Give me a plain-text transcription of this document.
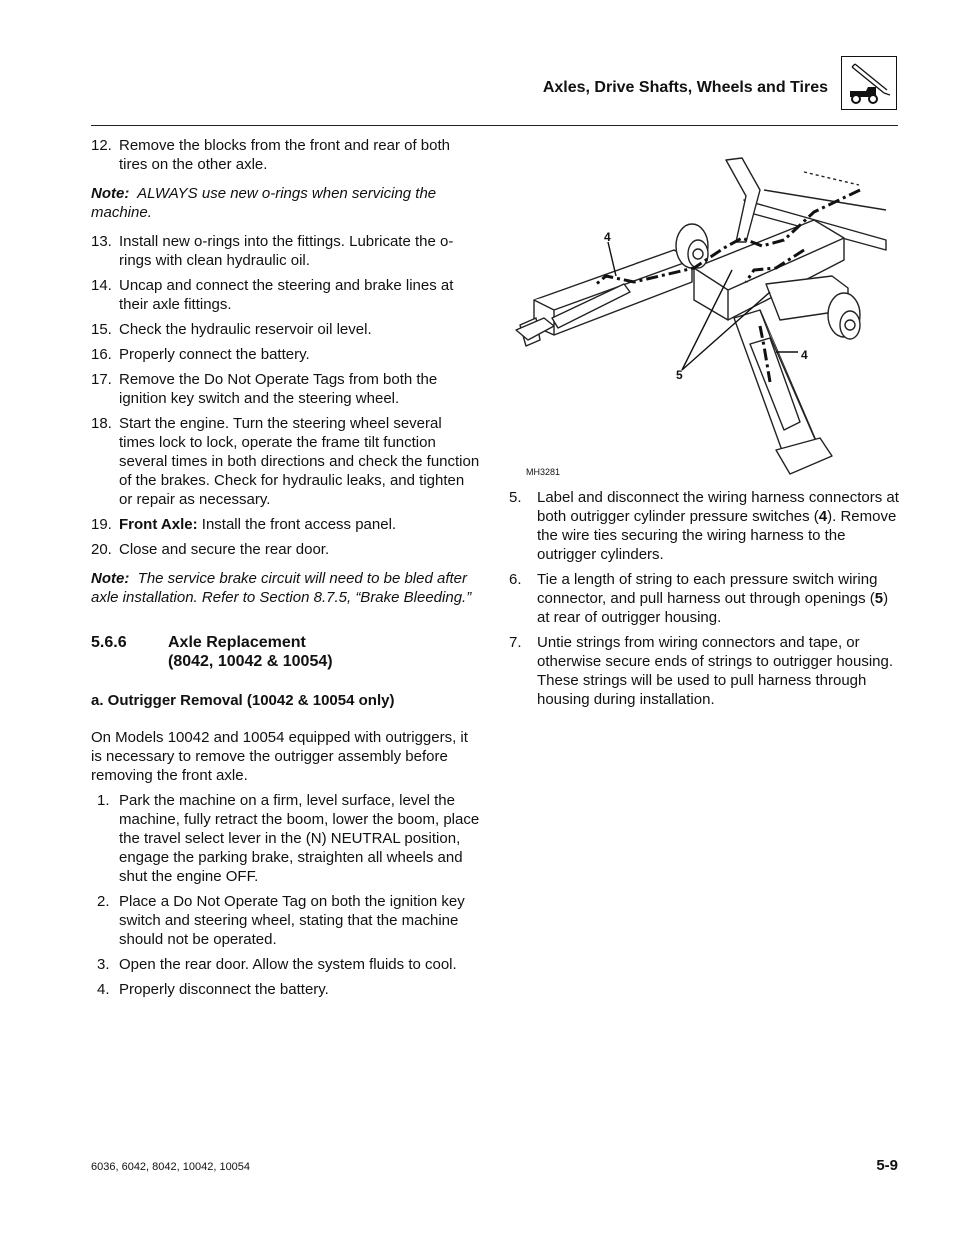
Axles, Drive Shafts, Wheels and Tires
12. Remove the blocks from the front and rear of both tires on the other axle.
Note: ALWAYS use new o-rings when servicing the machine.
13. Install new o-rings into the fittings. Lubricate the o-rings with clean hydraulic oil.
14. Uncap and connect the steering and brake lines at their axle fittings.
15. Check the hydraulic reservoir oil level.
16. Properly connect the battery.
17. Remove the Do Not Operate Tags from both the ignition key switch and the steering wheel.
18. Start the engine. Turn the steering wheel several times lock to lock, operate the frame tilt function several times in both directions and check the function of the brakes. Check for hydraulic leaks, and tighten or repair as necessary.
19. Front Axle: Install the front access panel.
20. Close and secure the rear door.
Note: The service brake circuit will need to be bled after axle installation. Refer to Section 8.7.5, “Brake Bleeding.”
5.6.6	Axle Replacement
(8042, 10042 & 10054)
a. Outrigger Removal (10042 & 10054 only)
On Models 10042 and 10054 equipped with outriggers, it is necessary to remove the outrigger assembly before removing the front axle.
1. Park the machine on a firm, level surface, level the machine, fully retract the boom, lower the boom, place the travel select lever in the (N) NEUTRAL position, engage the parking brake, straighten all wheels and shut the engine OFF.
2. Place a Do Not Operate Tag on both the ignition key switch and steering wheel, stating that the machine should not be operated.
3. Open the rear door. Allow the system fluids to cool.
4. Properly disconnect the battery.
4
4
5
MH3281
5.	Label and disconnect the wiring harness connectors at both outrigger cylinder pressure switches (4). Remove the wire ties securing the wiring harness to the outrigger cylinders.
6.	Tie a length of string to each pressure switch wiring connector, and pull harness out through openings (5) at rear of outrigger housing.
7.	Untie strings from wiring connectors and tape, or otherwise secure ends of strings to outrigger housing. These strings will be used to pull harness through housing during installation.
6036, 6042, 8042, 10042, 10054	5-9
